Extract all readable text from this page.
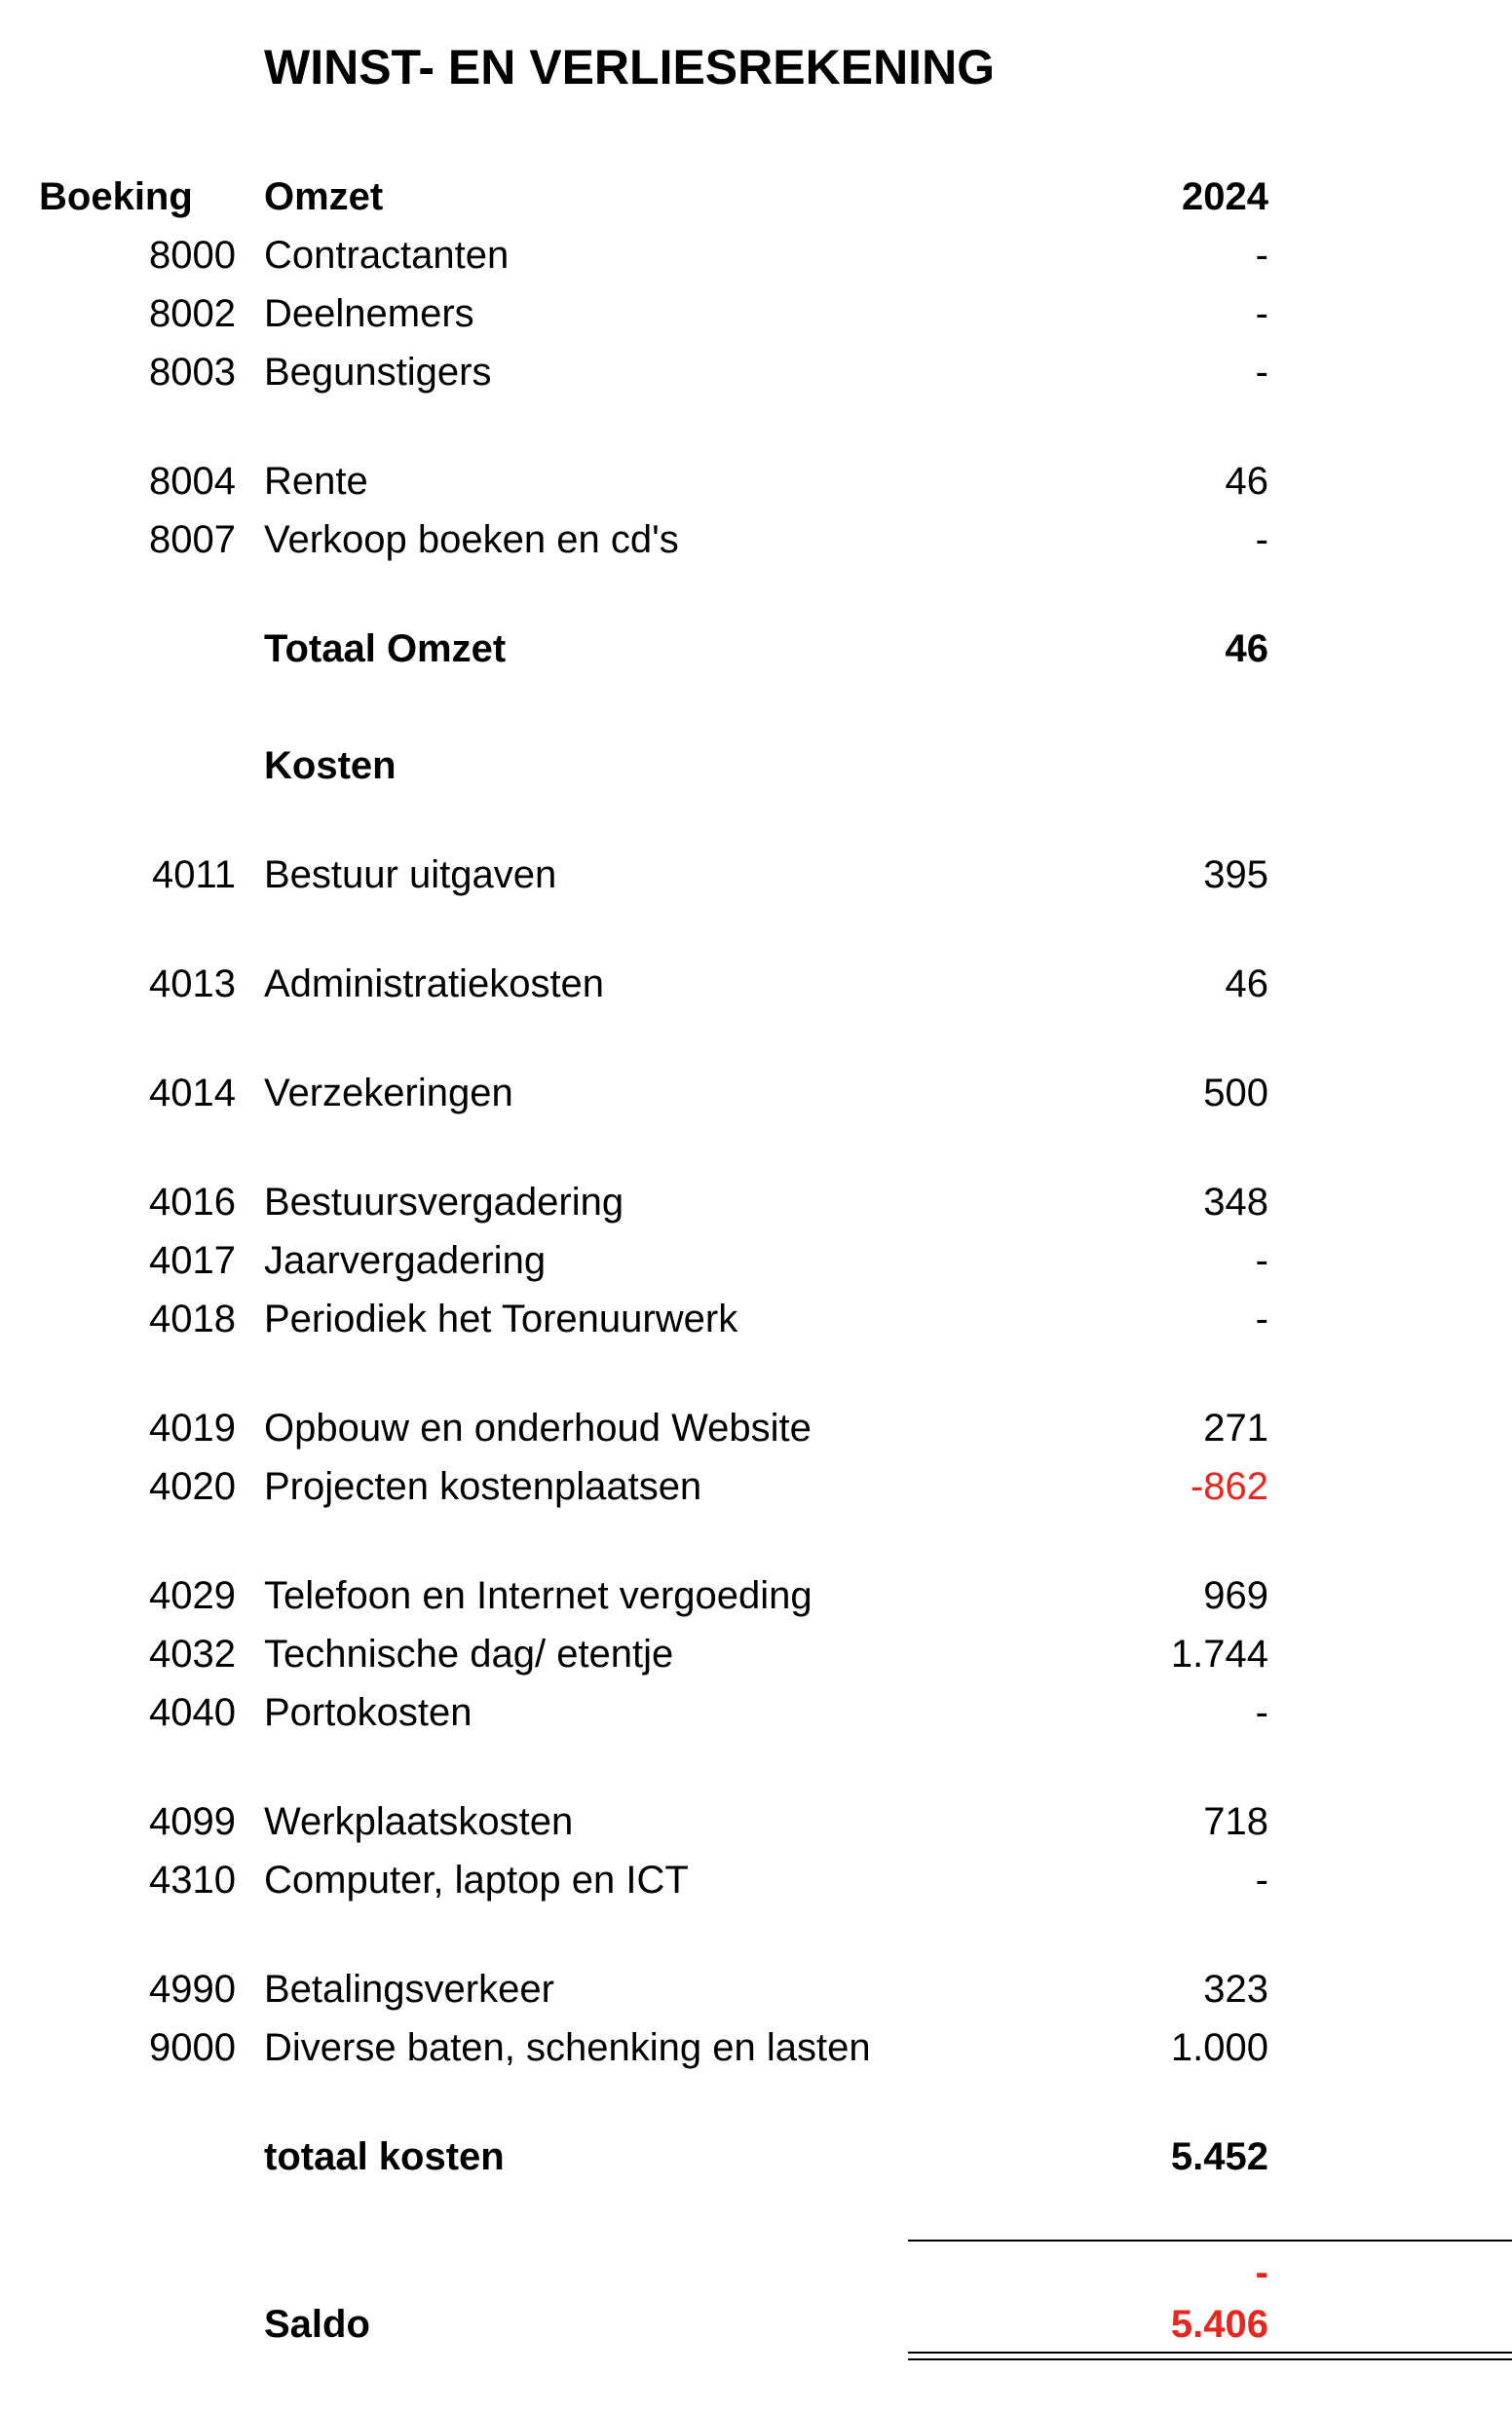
WINST- EN VERLIESREKENING
Boeking Omzet	2024
8000 Contractanten	-
8002 Deelnemers	-
8003 Begunstigers	-
8004 Rente	46
8007 Verkoop boeken en cd's	-
Totaal Omzet	46
Kosten
4011 Bestuur uitgaven	395
4013 Administratiekosten	46
4014 Verzekeringen	500
4016 Bestuursvergadering	348
4017 Jaarvergadering	-
4018 Periodiek het Torenuurwerk	-
4019 Opbouw en onderhoud Website	271
4020 Projecten kostenplaatsen	-862
4029 Telefoon en Internet vergoeding	969
4032 Technische dag/ etentje	1.744
4040 Portokosten	-
4099 Werkplaatskosten	718
4310 Computer, laptop en ICT	-
4990 Betalingsverkeer	323
9000 Diverse baten, schenking en lasten	1.000
totaal kosten	5.452
-
Saldo	5.406
